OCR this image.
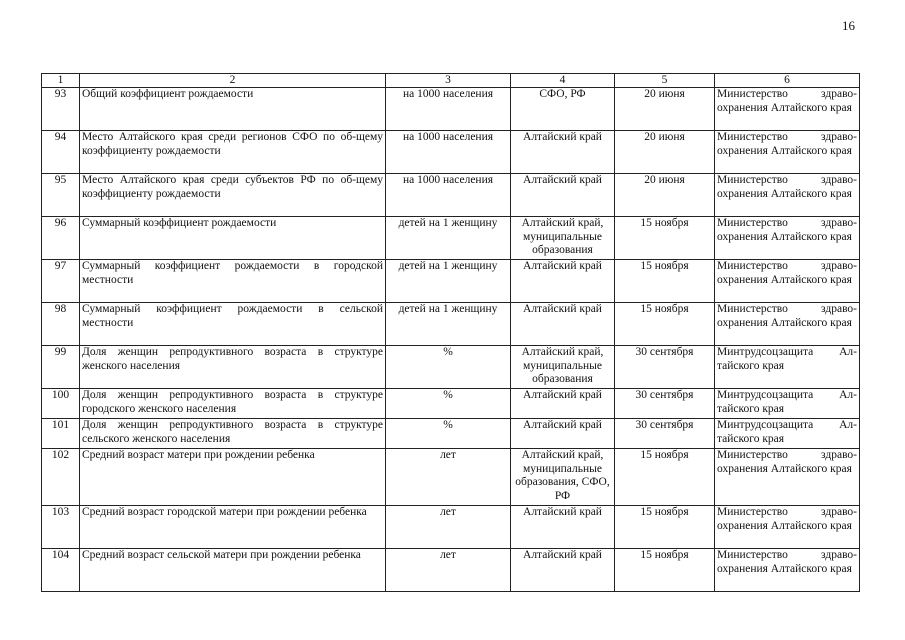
16
1	2	3	4	5	6
93	Общий коэффициент рождаемости	на 1000 населения	СФО, РФ	20 июня	Министерство здраво-охранения Алтайского края
94	Место Алтайского края среди регионов СФО по об-щему коэффициенту рождаемости	на 1000 населения	Алтайский край	20 июня	Министерство здраво-охранения Алтайского края
95	Место Алтайского края среди субъектов РФ по об-щему коэффициенту рождаемости	на 1000 населения	Алтайский край	20 июня	Министерство здраво-охранения Алтайского края
96	Суммарный коэффициент рождаемости	детей на 1 женщину	Алтайский край, муниципальные образования	15 ноября	Министерство здраво-охранения Алтайского края
97	Суммарный коэффициент рождаемости в городской местности	детей на 1 женщину	Алтайский край	15 ноября	Министерство здраво-охранения Алтайского края
98	Суммарный коэффициент рождаемости в сельской местности	детей на 1 женщину	Алтайский край	15 ноября	Министерство здраво-охранения Алтайского края
99	Доля женщин репродуктивного возраста в структуре женского населения	%	Алтайский край, муниципальные образования	30 сентября	Минтрудсоцзащита Ал-тайского края
100	Доля женщин репродуктивного возраста в структуре городского женского населения	%	Алтайский край	30 сентября	Минтрудсоцзащита Ал-тайского края
101	Доля женщин репродуктивного возраста в структуре сельского женского населения	%	Алтайский край	30 сентября	Минтрудсоцзащита Ал-тайского края
102	Средний возраст матери при рождении ребенка	лет	Алтайский край, муниципальные образования, СФО, РФ	15 ноября	Министерство здраво-охранения Алтайского края
103	Средний возраст городской матери при рождении ребенка	лет	Алтайский край	15 ноября	Министерство здраво-охранения Алтайского края
104	Средний возраст сельской матери при рождении ребенка	лет	Алтайский край	15 ноября	Министерство здраво-охранения Алтайского края
